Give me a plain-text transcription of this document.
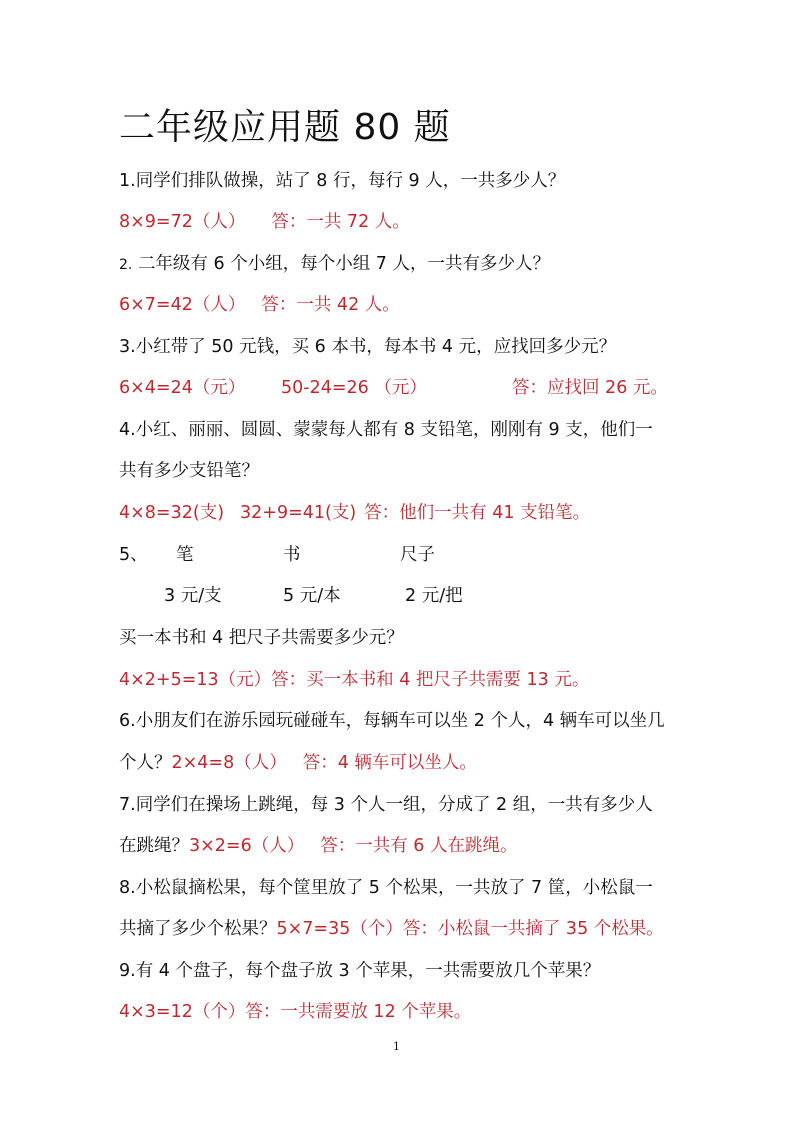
二年级应用题 80 题
1.同学们排队做操，站了 8 行，每行 9 人，一共多少人？
8×9=72（人） 答：一共 72 人。
2. 二年级有 6 个小组，每个小组 7 人，一共有多少人？
6×7=42（人） 答：一共 42 人。
3.小红带了 50 元钱，买 6 本书，每本书 4 元，应找回多少元？
6×4=24（元） 50-24=26 （元）	答：应找回 26 元。
4.小红、丽丽、圆圆、蒙蒙每人都有 8 支铅笔，刚刚有 9 支，他们一
共有多少支铅笔？
4×8=32(支) 32+9=41(支) 答：他们一共有 41 支铅笔。
5、 笔	书	尺子
3 元/支	5 元/本	2 元/把
买一本书和 4 把尺子共需要多少元？
4×2+5=13（元）答：买一本书和 4 把尺子共需要 13 元。
6.小朋友们在游乐园玩碰碰车，每辆车可以坐 2 个人，4 辆车可以坐几
个人？2×4=8（人） 答：4 辆车可以坐人。
7.同学们在操场上跳绳，每 3 个人一组，分成了 2 组，一共有多少人
在跳绳？3×2=6（人） 答：一共有 6 人在跳绳。
8.小松鼠摘松果，每个筐里放了 5 个松果，一共放了 7 筐，小松鼠一
共摘了多少个松果？5×7=35（个）答：小松鼠一共摘了 35 个松果。
9.有 4 个盘子，每个盘子放 3 个苹果，一共需要放几个苹果？
4×3=12（个）答：一共需要放 12 个苹果。
1
